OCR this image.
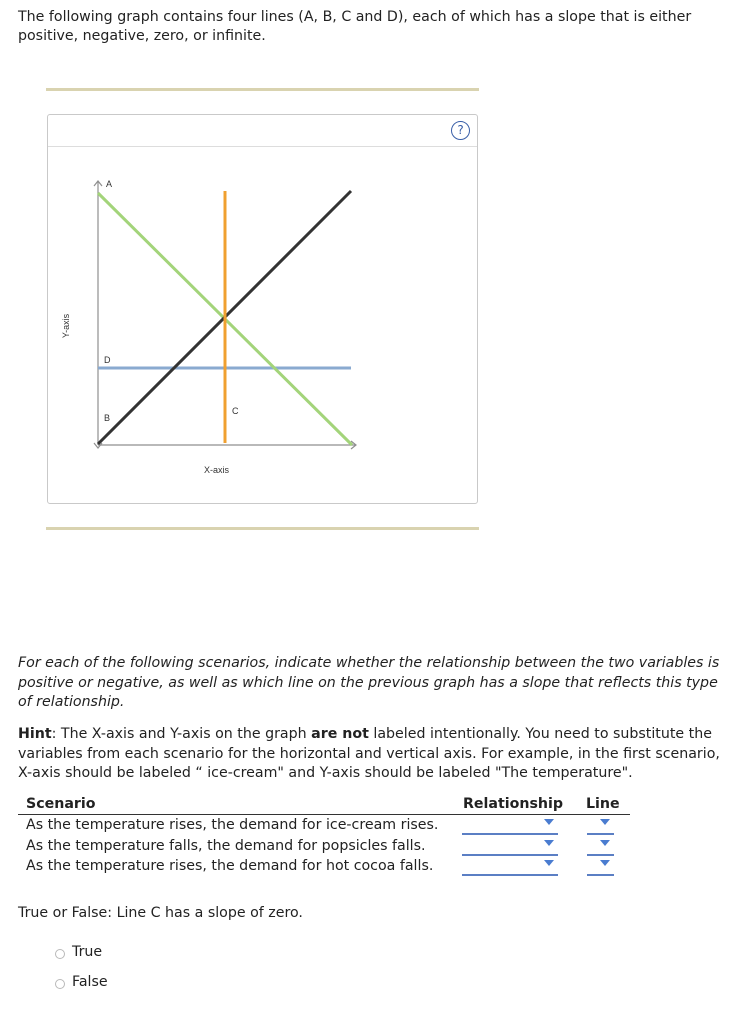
The following graph contains four lines (A, B, C and D), each of which has a slope that is either positive, negative, zero, or infinite.

?
Y-axis
A
D
B
C
X-axis

For each of the following scenarios, indicate whether the relationship between the two variables is positive or negative, as well as which line on the previous graph has a slope that reflects this type of relationship.

Hint: The X-axis and Y-axis on the graph are not labeled intentionally. You need to substitute the variables from each scenario for the horizontal and vertical axis. For example, in the first scenario, X-axis should be labeled “ ice-cream" and Y-axis should be labeled "The temperature".

Scenario	Relationship Line
As the temperature rises, the demand for ice-cream rises.
As the temperature falls, the demand for popsicles falls.
As the temperature rises, the demand for hot cocoa falls.

True or False: Line C has a slope of zero.

True
False
